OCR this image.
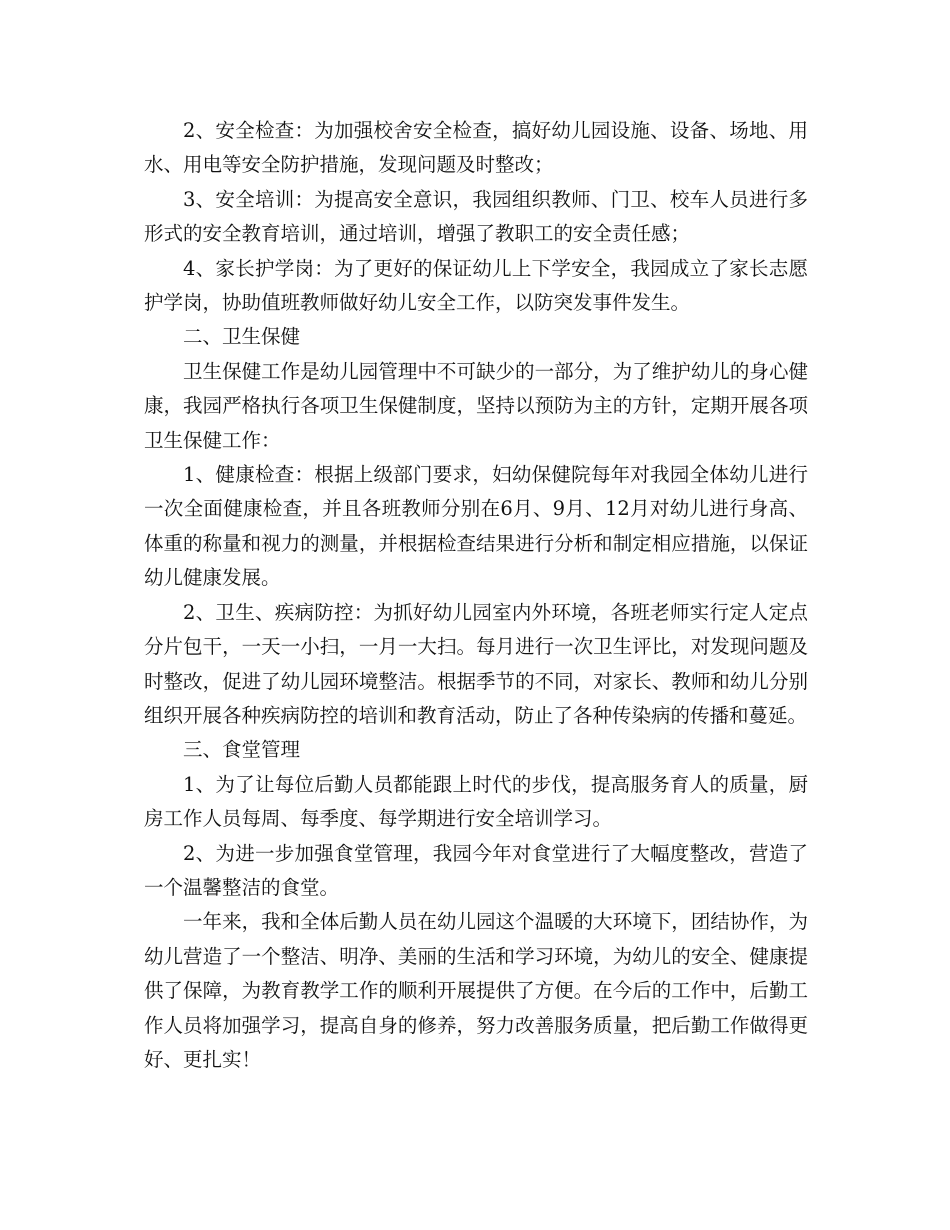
2、安全检查：为加强校舍安全检查，搞好幼儿园设施、设备、场地、用水、用电等安全防护措施，发现问题及时整改；

3、安全培训：为提高安全意识，我园组织教师、门卫、校车人员进行多形式的安全教育培训，通过培训，增强了教职工的安全责任感；

4、家长护学岗：为了更好的保证幼儿上下学安全，我园成立了家长志愿护学岗，协助值班教师做好幼儿安全工作，以防突发事件发生。

二、卫生保健

卫生保健工作是幼儿园管理中不可缺少的一部分，为了维护幼儿的身心健康，我园严格执行各项卫生保健制度，坚持以预防为主的方针，定期开展各项卫生保健工作：

1、健康检查：根据上级部门要求，妇幼保健院每年对我园全体幼儿进行一次全面健康检查，并且各班教师分别在6月、9月、12月对幼儿进行身高、体重的称量和视力的测量，并根据检查结果进行分析和制定相应措施，以保证幼儿健康发展。

2、卫生、疾病防控：为抓好幼儿园室内外环境，各班老师实行定人定点分片包干，一天一小扫，一月一大扫。每月进行一次卫生评比，对发现问题及时整改，促进了幼儿园环境整洁。根据季节的不同，对家长、教师和幼儿分别组织开展各种疾病防控的培训和教育活动，防止了各种传染病的传播和蔓延。

三、食堂管理

1、为了让每位后勤人员都能跟上时代的步伐，提高服务育人的质量，厨房工作人员每周、每季度、每学期进行安全培训学习。

2、为进一步加强食堂管理，我园今年对食堂进行了大幅度整改，营造了一个温馨整洁的食堂。

一年来，我和全体后勤人员在幼儿园这个温暖的大环境下，团结协作，为幼儿营造了一个整洁、明净、美丽的生活和学习环境，为幼儿的安全、健康提供了保障，为教育教学工作的顺利开展提供了方便。在今后的工作中，后勤工作人员将加强学习，提高自身的修养，努力改善服务质量，把后勤工作做得更好、更扎实！
